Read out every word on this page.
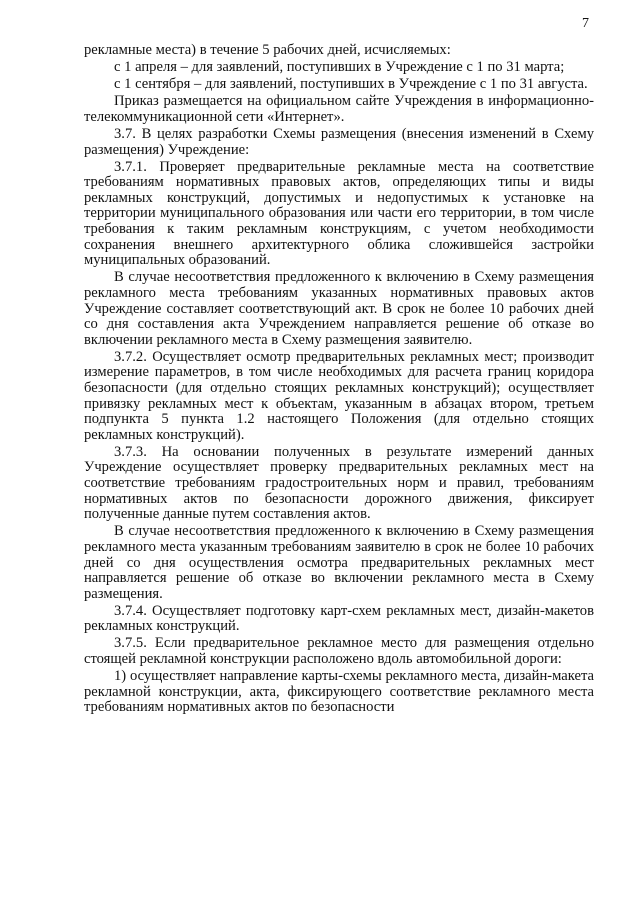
7

рекламные места) в течение 5 рабочих дней, исчисляемых:

с 1 апреля – для заявлений, поступивших в Учреждение с 1 по 31 марта;

с 1 сентября – для заявлений, поступивших в Учреждение с 1 по 31 августа.

Приказ размещается на официальном сайте Учреждения в информационно-телекоммуникационной сети «Интернет».

3.7. В целях разработки Схемы размещения (внесения изменений в Схему размещения) Учреждение:

3.7.1. Проверяет предварительные рекламные места на соответствие требованиям нормативных правовых актов, определяющих типы и виды рекламных конструкций, допустимых и недопустимых к установке на территории муниципального образования или части его территории, в том числе требования к таким рекламным конструкциям, с учетом необходимости сохранения внешнего архитектурного облика сложившейся застройки муниципальных образований.

В случае несоответствия предложенного к включению в Схему размещения рекламного места требованиям указанных нормативных правовых актов Учреждение составляет соответствующий акт. В срок не более 10 рабочих дней со дня составления акта Учреждением направляется решение об отказе во включении рекламного места в Схему размещения заявителю.

3.7.2. Осуществляет осмотр предварительных рекламных мест; производит измерение параметров, в том числе необходимых для расчета границ коридора безопасности (для отдельно стоящих рекламных конструкций); осуществляет привязку рекламных мест к объектам, указанным в абзацах втором, третьем подпункта 5 пункта 1.2 настоящего Положения (для отдельно стоящих рекламных конструкций).

3.7.3. На основании полученных в результате измерений данных Учреждение осуществляет проверку предварительных рекламных мест на соответствие требованиям градостроительных норм и правил, требованиям нормативных актов по безопасности дорожного движения, фиксирует полученные данные путем составления актов.

В случае несоответствия предложенного к включению в Схему размещения рекламного места указанным требованиям заявителю в срок не более 10 рабочих дней со дня осуществления осмотра предварительных рекламных мест направляется решение об отказе во включении рекламного места в Схему размещения.

3.7.4. Осуществляет подготовку карт-схем рекламных мест, дизайн-макетов рекламных конструкций.

3.7.5. Если предварительное рекламное место для размещения отдельно стоящей рекламной конструкции расположено вдоль автомобильной дороги:

1) осуществляет направление карты-схемы рекламного места, дизайн-макета рекламной конструкции, акта, фиксирующего соответствие рекламного места требованиям нормативных актов по безопасности
